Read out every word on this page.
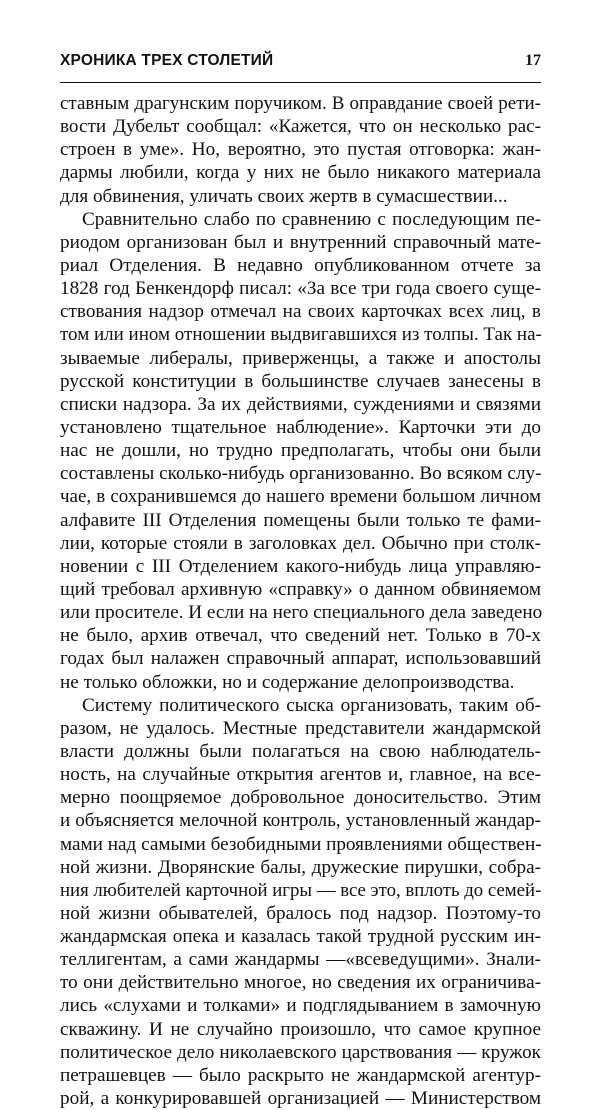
ХРОНИКА ТРЕХ СТОЛЕТИЙ	17
ставным драгунским поручиком. В оправдание своей рети-
вости Дубельт сообщал: «Кажется, что он несколько рас-
строен в уме». Но, вероятно, это пустая отговорка: жан-
дармы любили, когда у них не было никакого материала
для обвинения, уличать своих жертв в сумасшествии...
Сравнительно слабо по сравнению с последующим пе-
риодом организован был и внутренний справочный мате-
риал Отделения. В недавно опубликованном отчете за
1828 год Бенкендорф писал: «За все три года своего суще-
ствования надзор отмечал на своих карточках всех лиц, в
том или ином отношении выдвигавшихся из толпы. Так на-
зываемые либералы, приверженцы, а также и апостолы
русской конституции в большинстве случаев занесены в
списки надзора. За их действиями, суждениями и связями
установлено тщательное наблюдение». Карточки эти до
нас не дошли, но трудно предполагать, чтобы они были
составлены сколько-нибудь организованно. Во всяком слу-
чае, в сохранившемся до нашего времени большом личном
алфавите III Отделения помещены были только те фами-
лии, которые стояли в заголовках дел. Обычно при столк-
новении с III Отделением какого-нибудь лица управляю-
щий требовал архивную «справку» о данном обвиняемом
или просителе. И если на него специального дела заведено
не было, архив отвечал, что сведений нет. Только в 70-х
годах был налажен справочный аппарат, использовавший
не только обложки, но и содержание делопроизводства.
Систему политического сыска организовать, таким об-
разом, не удалось. Местные представители жандармской
власти должны были полагаться на свою наблюдатель-
ность, на случайные открытия агентов и, главное, на все-
мерно поощряемое добровольное доносительство. Этим
и объясняется мелочной контроль, установленный жандар-
мами над самыми безобидными проявлениями обществен-
ной жизни. Дворянские балы, дружеские пирушки, собра-
ния любителей карточной игры — все это, вплоть до семей-
ной жизни обывателей, бралось под надзор. Поэтому-то
жандармская опека и казалась такой трудной русским ин-
теллигентам, а сами жандармы —«всеведущими». Знали-
то они действительно многое, но сведения их ограничива-
лись «слухами и толками» и подглядыванием в замочную
скважину. И не случайно произошло, что самое крупное
политическое дело николаевского царствования — кружок
петрашевцев — было раскрыто не жандармской агентур-
рой, а конкурировавшей организацией — Министерством
